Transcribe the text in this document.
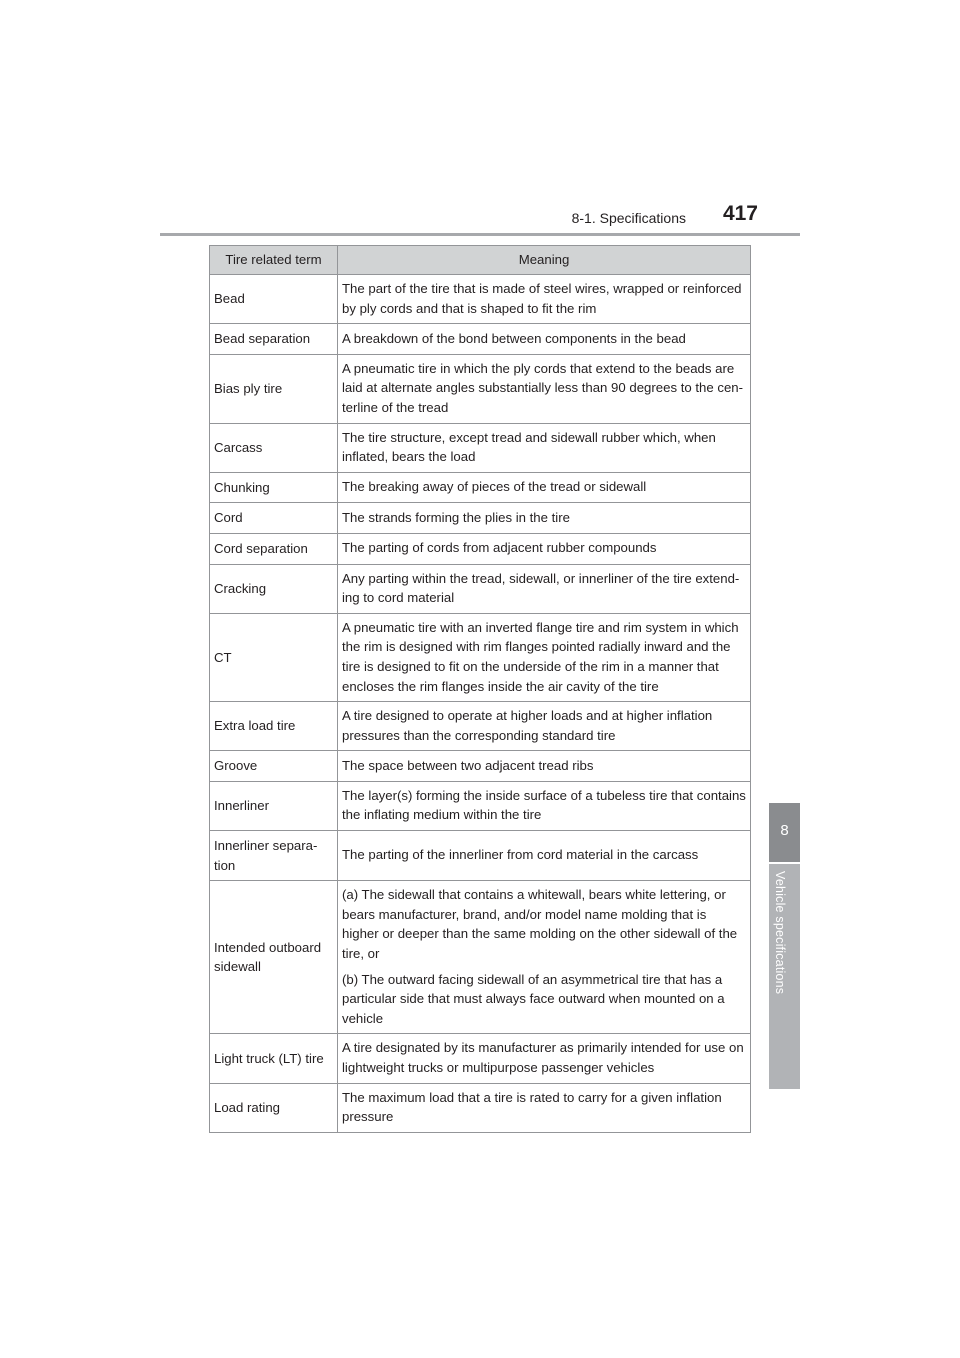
8-1. Specifications 417
8
Vehicle specifications
Tire related term	Meaning
Bead	The part of the tire that is made of steel wires, wrapped or reinforced by ply cords and that is shaped to fit the rim

Bead separation	A breakdown of the bond between components in the bead

Bias ply tire	A pneumatic tire in which the ply cords that extend to the beads are laid at alternate angles substantially less than 90 degrees to the cen-terline of the tread

Carcass	The tire structure, except tread and sidewall rubber which, when inflated, bears the load

Chunking	The breaking away of pieces of the tread or sidewall

Cord	The strands forming the plies in the tire

Cord separation	The parting of cords from adjacent rubber compounds

Cracking	Any parting within the tread, sidewall, or innerliner of the tire extend-ing to cord material

CT	A pneumatic tire with an inverted flange tire and rim system in which the rim is designed with rim flanges pointed radially inward and the tire is designed to fit on the underside of the rim in a manner that encloses the rim flanges inside the air cavity of the tire

Extra load tire	A tire designed to operate at higher loads and at higher inflation pressures than the corresponding standard tire

Groove	The space between two adjacent tread ribs

Innerliner	The layer(s) forming the inside surface of a tubeless tire that contains the inflating medium within the tire

Innerliner separa-tion	The parting of the innerliner from cord material in the carcass

Intended outboard sidewall	(a) The sidewall that contains a whitewall, bears white lettering, or bears manufacturer, brand, and/or model name molding that is higher or deeper than the same molding on the other sidewall of the tire, or

(b) The outward facing sidewall of an asymmetrical tire that has a particular side that must always face outward when mounted on a vehicle

Light truck (LT) tire	A tire designated by its manufacturer as primarily intended for use on lightweight trucks or multipurpose passenger vehicles

Load rating	The maximum load that a tire is rated to carry for a given inflation pressure
